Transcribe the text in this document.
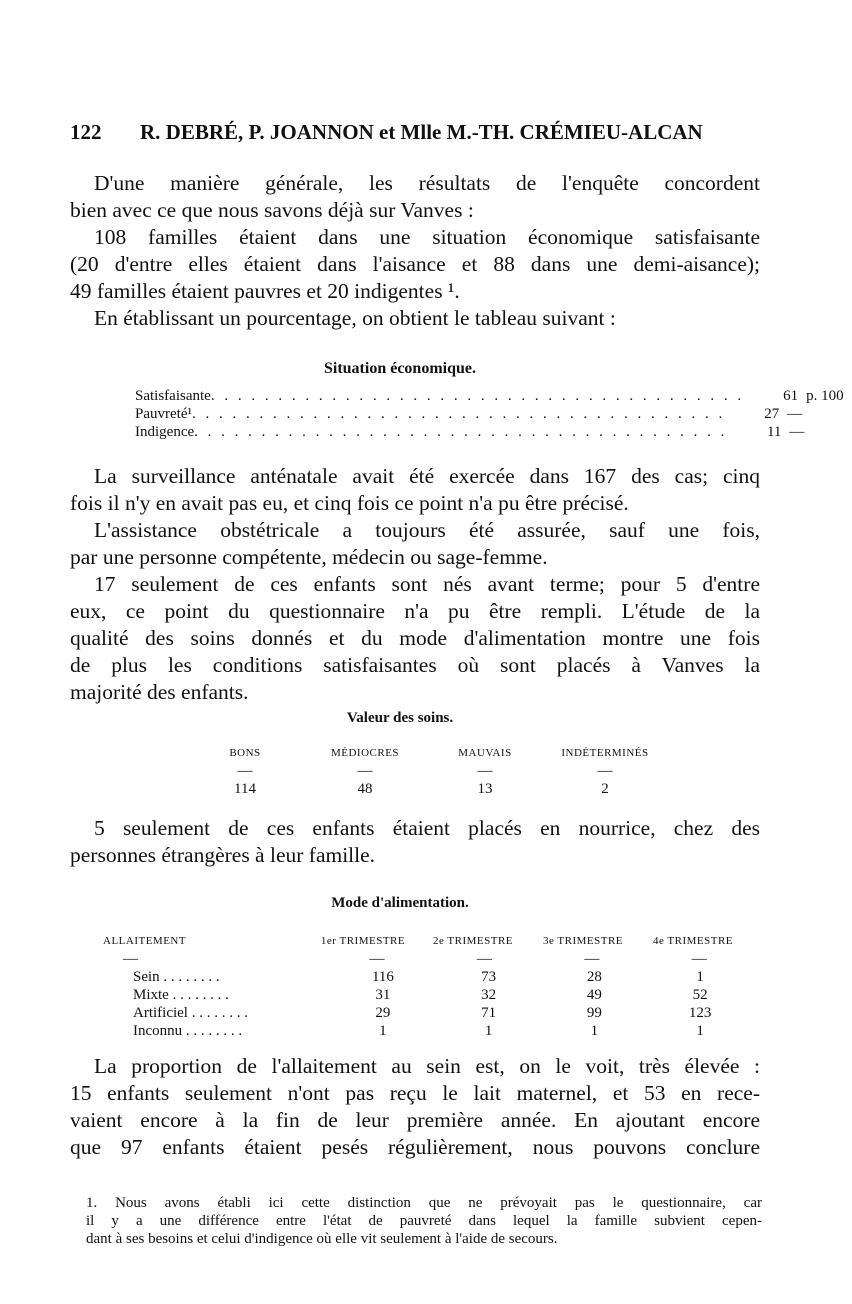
122 R. DEBRÉ, P. JOANNON et Mlle M.-TH. CRÉMIEU-ALCAN
D'une manière générale, les résultats de l'enquête concordent
bien avec ce que nous savons déjà sur Vanves :
108 familles étaient dans une situation économique satisfaisante
(20 d'entre elles étaient dans l'aisance et 88 dans une demi-aisance);
49 familles étaient pauvres et 20 indigentes ¹.
En établissant un pourcentage, on obtient le tableau suivant :
Situation économique.
Satisfaisante . . . . . . . . . . . . . . . . . . . . . . . . . . . . . . . . . . . . . . . .	61 p. 100
Pauvreté¹ . . . . . . . . . . . . . . . . . . . . . . . . . . . . . . . . . . . . . . . .	27 —
Indigence . . . . . . . . . . . . . . . . . . . . . . . . . . . . . . . . . . . . . . . .	11 —
La surveillance anténatale avait été exercée dans 167 des cas; cinq
fois il n'y en avait pas eu, et cinq fois ce point n'a pu être précisé.
L'assistance obstétricale a toujours été assurée, sauf une fois,
par une personne compétente, médecin ou sage-femme.
17 seulement de ces enfants sont nés avant terme; pour 5 d'entre
eux, ce point du questionnaire n'a pu être rempli. L'étude de la
qualité des soins donnés et du mode d'alimentation montre une fois
de plus les conditions satisfaisantes où sont placés à Vanves la
majorité des enfants.
Valeur des soins.
BONS	MÉDIOCRES	MAUVAIS	INDÉTERMINÉS
—	—	—	—
114	48	13	2
5 seulement de ces enfants étaient placés en nourrice, chez des
personnes étrangères à leur famille.
Mode d'alimentation.
ALLAITEMENT	1er TRIMESTRE	2e TRIMESTRE	3e TRIMESTRE	4e TRIMESTRE
—	—	—	—	—
Sein . . . . . . . .	116	73	28	1
Mixte . . . . . . . .	31	32	49	52
Artificiel . . . . . . . .	29	71	99	123
Inconnu . . . . . . . .	1	1	1	1
La proportion de l'allaitement au sein est, on le voit, très élevée :
15 enfants seulement n'ont pas reçu le lait maternel, et 53 en rece-
vaient encore à la fin de leur première année. En ajoutant encore
que 97 enfants étaient pesés régulièrement, nous pouvons conclure
1. Nous avons établi ici cette distinction que ne prévoyait pas le questionnaire, car
il y a une différence entre l'état de pauvreté dans lequel la famille subvient cepen-
dant à ses besoins et celui d'indigence où elle vit seulement à l'aide de secours.
